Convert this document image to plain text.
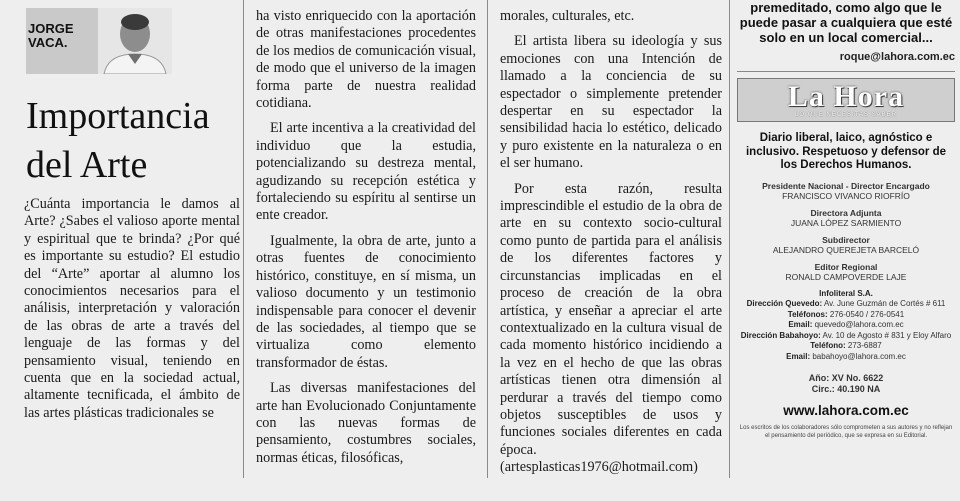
JORGE
VACA.
Importancia del Arte

¿Cuánta importancia le damos al Arte? ¿Sabes el valioso aporte mental y espiritual que te brinda? ¿Por qué es importante su estudio? El estudio del “Arte” aportar al alumno los conocimientos necesarios para el análisis, interpretación y valoración de las obras de arte a través del lenguaje de las formas y del pensamiento visual, teniendo en cuenta que en la sociedad actual, altamente tecnificada, el ámbito de las artes plásticas tradicionales se

ha visto enriquecido con la aportación de otras manifestaciones procedentes de los medios de comunicación visual, de modo que el universo de la imagen forma parte de nuestra realidad cotidiana.

El arte incentiva a la creatividad del individuo que la estudia, potencializando su destreza mental, agudizando su recepción estética y fortaleciendo su espíritu al sentirse un ente creador.

Igualmente, la obra de arte, junto a otras fuentes de conocimiento histórico, constituye, en sí misma, un valioso documento y un testimonio indispensable para conocer el devenir de las sociedades, al tiempo que se virtualiza como elemento transformador de éstas.

Las diversas manifestaciones del arte han Evolucionado Conjuntamente con las nuevas formas de pensamiento, costumbres sociales, normas éticas, filosóficas,

morales, culturales, etc.

El artista libera su ideología y sus emociones con una Intención de llamado a la conciencia de su espectador o simplemente pretender despertar en su espectador la sensibilidad hacia lo estético, delicado y puro existente en la naturaleza o en el ser humano.

Por esta razón, resulta imprescindible el estudio de la obra de arte en su contexto socio-cultural como punto de partida para el análisis de los diferentes factores y circunstancias implicadas en el proceso de creación de la obra artística, y enseñar a apreciar el arte contextualizado en la cultura visual de cada momento histórico incidiendo a la vez en el hecho de que las obras artísticas tienen otra dimensión al perdurar a través del tiempo como objetos susceptibles de usos y funciones sociales diferentes en cada época. (artesplasticas1976@hotmail.com)

premeditado, como algo que le puede pasar a cualquiera que esté solo en un local comercial...

roque@lahora.com.ec
La Hora
LO QUE NECESITAS SABER
Diario liberal, laico, agnóstico e inclusivo. Respetuoso y defensor de los Derechos Humanos.
Presidente Nacional - Director Encargado
FRANCISCO VIVANCO RIOFRÍO
Directora Adjunta
JUANA LÓPEZ SARMIENTO
Subdirector
ALEJANDRO QUEREJETA BARCELÓ
Editor Regional
RONALD CAMPOVERDE LAJE
Infoliteral S.A.
Dirección Quevedo: Av. June Guzmán de Cortés # 611
Teléfonos: 276-0540 / 276-0541
Email: quevedo@lahora.com.ec
Dirección Babahoyo: Av. 10 de Agosto # 831 y Eloy Alfaro
Teléfono: 273-6887
Email: babahoyo@lahora.com.ec
Año: XV No. 6622
Circ.: 40.190 NA
www.lahora.com.ec
Los escritos de los colaboradores sólo comprometen a sus autores y no reflejan el pensamiento del periódico, que se expresa en su Editorial.
